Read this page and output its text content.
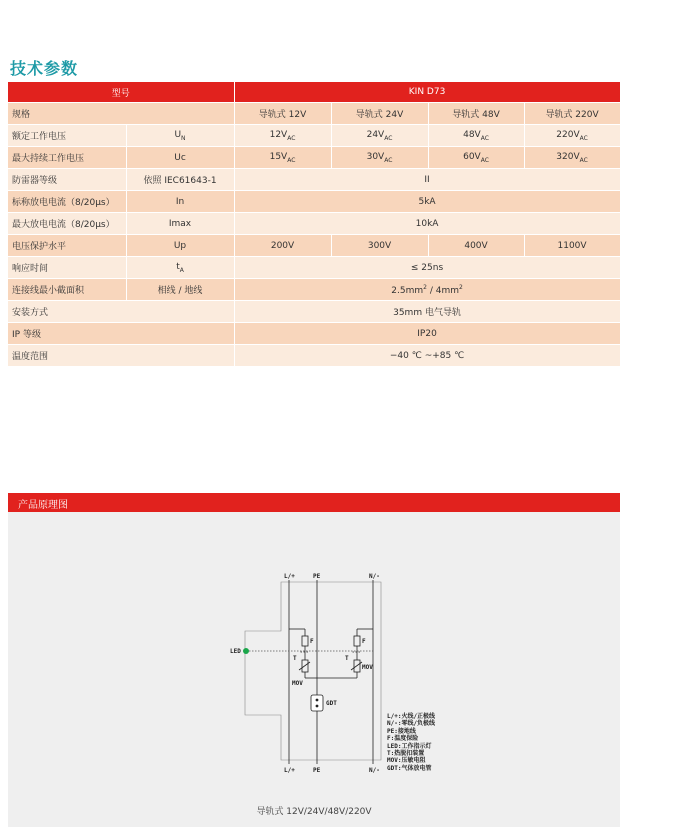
技术参数
型号		KIN D73			
规格		导轨式 12V	导轨式 24V	导轨式 48V	导轨式 220V
额定工作电压	$U_N$	$12V_{AC}$	$24V_{AC}$	$48V_{AC}$	$220V_{AC}$
最大持续工作电压	Uc	$15V_{AC}$	$30V_{AC}$	$60V_{AC}$	$320V_{AC}$
防雷器等级	依照 IEC61643-1	II			
标称放电电流（8/20μs）	In	5kA			
最大放电电流（8/20μs）	Imax	10kA			
电压保护水平	Up	200V	300V	400V	1100V
响应时间	$t_A$	≤ 25ns			
连接线最小截面积	相线 / 地线	$2.5mm^2 / 4mm^2$
安装方式		35mm 电气导轨			
IP 等级		IP20			
温度范围		−40 ℃ ~+85 ℃			
产品原理图
L/+	PE	N/-
L/+	PE	N/-
LED
F
T
MOV
F
T
MOV
GDT
L/+:火线/正极线
N/-:零线/负极线
PE:接地线
F:温度保险
LED:工作指示灯
T:热脱扣装置
MOV:压敏电阻
GDT:气体放电管
导轨式 12V/24V/48V/220V
